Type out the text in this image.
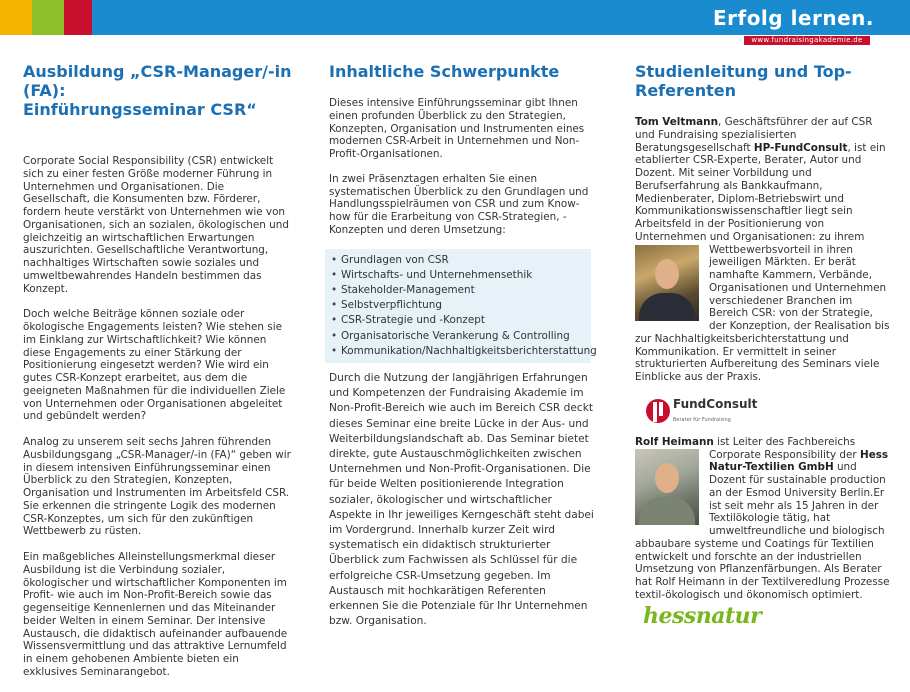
Erfolg lernen.
www.fundraisingakademie.de
Ausbildung „CSR-Manager/-in (FA):
Einführungsseminar CSR“

Corporate Social Responsibility (CSR) entwickelt sich zu einer festen Größe moderner Führung in Unternehmen und Organisationen. Die Gesellschaft, die Konsumenten bzw. Förderer, fordern heute verstärkt von Unternehmen wie von Organisationen, sich an sozialen, ökologischen und gleichzeitig an wirtschaftlichen Erwartungen auszurichten. Gesellschaftliche Verantwortung, nachhaltiges Wirtschaften sowie soziales und umweltbewahrendes Handeln bestimmen das Konzept.

Doch welche Beiträge können soziale oder ökologische Engagements leisten? Wie stehen sie im Einklang zur Wirtschaftlichkeit? Wie können diese Engagements zu einer Stärkung der Positionierung eingesetzt werden? Wie wird ein gutes CSR-Konzept erarbeitet, aus dem die geeigneten Maßnahmen für die individuellen Ziele von Unternehmen oder Organisationen abgeleitet und gebündelt werden?

Analog zu unserem seit sechs Jahren führenden Ausbildungsgang „CSR-Manager/-in (FA)“ geben wir in diesem intensiven Einführungsseminar einen Überblick zu den Strategien, Konzepten, Organisation und Instrumenten im Arbeitsfeld CSR. Sie erkennen die stringente Logik des modernen CSR-Konzeptes, um sich für den zukünftigen Wettbewerb zu rüsten.

Ein maßgebliches Alleinstellungsmerkmal dieser Ausbildung ist die Verbindung sozialer, ökologischer und wirtschaftlicher Komponenten im Profit- wie auch im Non-Profit-Bereich sowie das gegenseitige Kennenlernen und das Miteinander beider Welten in einem Seminar. Der intensive Austausch, die didaktisch aufeinander aufbauende Wissensvermittlung und das attraktive Lernumfeld in einem gehobenen Ambiente bieten ein exklusives Seminarangebot.

Inhaltliche Schwerpunkte

Dieses intensive Einführungsseminar gibt Ihnen einen profunden Überblick zu den Strategien, Konzepten, Organisation und Instrumenten eines modernen CSR-Arbeit in Unternehmen und Non-Profit-Organisationen.

In zwei Präsenztagen erhalten Sie einen systematischen Überblick zu den Grundlagen und Handlungsspielräumen von CSR und zum Know-how für die Erarbeitung von CSR-Strategien, -Konzepten und deren Umsetzung:

• Grundlagen von CSR
• Wirtschafts- und Unternehmensethik
• Stakeholder-Management
• Selbstverpflichtung
• CSR-Strategie und -Konzept
• Organisatorische Verankerung & Controlling
• Kommunikation/Nachhaltigkeitsberichterstattung

Durch die Nutzung der langjährigen Erfahrungen und Kompetenzen der Fundraising Akademie im Non-Profit-Bereich wie auch im Bereich CSR deckt dieses Seminar eine breite Lücke in der Aus- und Weiterbildungslandschaft ab. Das Seminar bietet direkte, gute Austauschmöglichkeiten zwischen Unternehmen und Non-Profit-Organisationen. Die für beide Welten positionierende Integration sozialer, ökologischer und wirtschaftlicher Aspekte in Ihr jeweiliges Kerngeschäft steht dabei im Vordergrund. Innerhalb kurzer Zeit wird systematisch ein didaktisch strukturierter Überblick zum Fachwissen als Schlüssel für die erfolgreiche CSR-Umsetzung gegeben. Im Austausch mit hochkarätigen Referenten erkennen Sie die Potenziale für Ihr Unternehmen bzw. Organisation.

Studienleitung und Top-Referenten

Tom Veltmann, Geschäftsführer der auf CSR und Fundraising spezialisierten Beratungsgesellschaft HP-FundConsult, ist ein etablierter CSR-Experte, Berater, Autor und Dozent. Mit seiner Vorbildung und Berufserfahrung als Bankkaufmann, Medienberater, Diplom-Betriebswirt und Kommunikationswissenschaftler liegt sein Arbeitsfeld in der Positionierung von Unternehmen und Organisationen: zu ihrem Wettbewerbsvorteil in ihren jeweiligen Märkten. Er berät namhafte Kammern, Verbände, Organisationen und Unternehmen verschiedener Branchen im Bereich CSR: von der Strategie, der Konzeption, der Realisation bis zur Nachhaltigkeitsberichterstattung und Kommunikation. Er vermittelt in seiner strukturierten Aufbereitung des Seminars viele Einblicke aus der Praxis.

FundConsult
Berater für Fundraising

Rolf Heimann ist Leiter des Fachbereichs Corporate Responsibility der Hess Natur-Textilien GmbH und Dozent für sustainable production an der Esmod University Berlin.Er ist seit mehr als 15 Jahren in der Textilökologie tätig, hat umweltfreundliche und biologisch abbaubare systeme und Coatings für Textilien entwickelt und forschte an der industriellen Umsetzung von Pflanzenfärbungen. Als Berater hat Rolf Heimann in der Textilveredlung Prozesse textil-ökologisch und ökonomisch optimiert.

hessnatur
